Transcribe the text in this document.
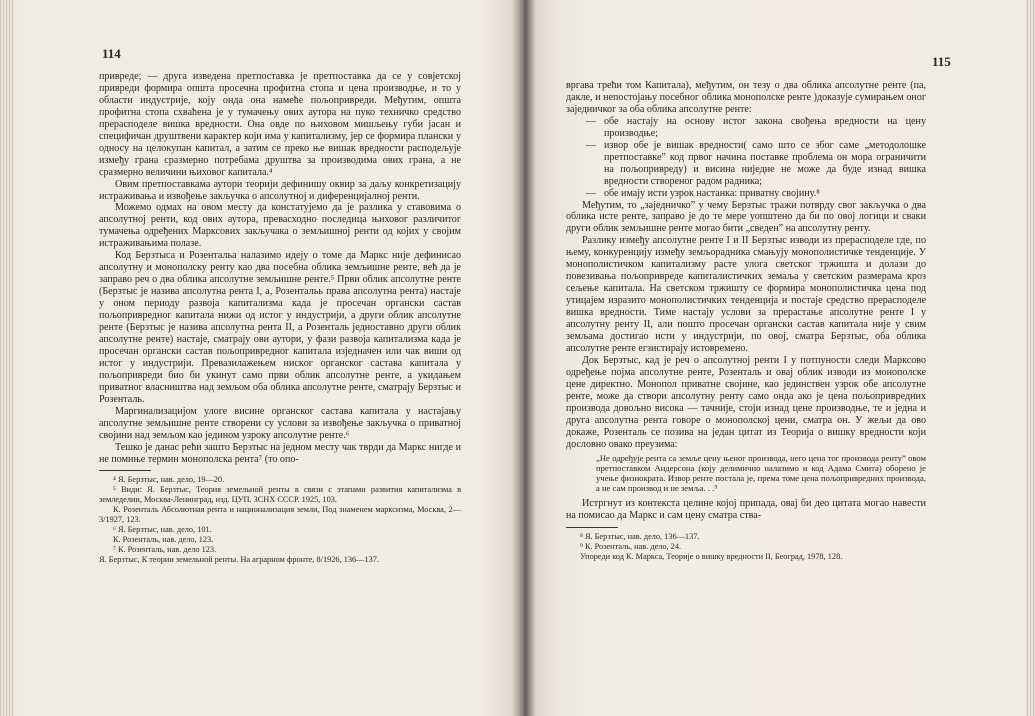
114

привреде; — друга изведена претпоставка је претпоставка да се у совјетској привреди формира општа просечна профитна стопа и цена производње, и то у области индустрије, коју онда она намеће пољопривреди. Међутим, општа профитна стопа схваћена је у тумачењу ових аутора на пуко техничко средство прерасподеле вишка вредности. Она овде по њиховом мишљењу губи јасан и специфичан друштвени карактер који има у капитализму, јер се формира плански у односу на целокупан капитал, а затим се преко ње вишак вредности расподељује између грана сразмерно потребама друштва за производима ових грана, а не сразмерно величини њиховог капитала.⁴

Овим претпоставкама аутори теорији дефинишу оквир за даљу конкретизацију истраживања и извођење закључка о апсолутној и диференцијалној ренти.

Можемо одмах на овом месту да констатујемо да је разлика у ставовима о апсолутној ренти, код ових аутора, превасходно последица њиховог различитог тумачења одређених Марксових закључака о земљишној ренти од којих у својим истраживањима полазе.

Код Берзтыса и Розентальа налазимо идеју о томе да Маркс није дефинисао апсолутну и монополску ренту као два посебна облика земљишне ренте, већ да је заправо реч о два облика апсолутне земљишне ренте.⁵ Први облик апсолутне ренте (Берзтыс је назива апсолутна рента I, а, Розентальь права апсолутна рента) настаје у оном периоду развоја капитализма када је просечан органски састав пољопривредног капитала нижи од истог у индустрији, а други облик апсолутне ренте (Берзтыс је назива апсолутна рента II, а Розенталь једноставно други облик апсолутне ренте) настаје, сматрају ови аутори, у фази развоја капитализма када је просечан органски састав пољопривредног капитала изједначен или чак виши од истог у индустрији. Превазилажењем нискoг органског састава капитала у пољопривреди био би укинут само први облик апсолутне ренте, а укидањем приватног власништва над земљом оба облика апсолутне ренте, сматрају Берзтыс и Розенталь.

Маргинализацијом улоге висине органског састава капитала у настајању апсолутне земљишне ренте створени су услови за извођење закључка о приватној својини над земљом као једином узроку апсолутне ренте.⁶

Тешко је данас рећи зашто Берзтыс на једном месту чак тврди да Маркс нигде и не помиње термин монополска рента⁷ (то опо-

⁴ Я. Берзтыс, нав. дело, 19—20.

⁵ Види: Я. Берзтыс, Теория земельной ренты в связи с этапами развития капитализма в земледелии, Москва-Ленинград, изд. ЦУП. ЗСНХ СССР. 1925, 103.

К. Розенталь Абсолютная рента и национализация земли, Под знаменем марксизма, Москва, 2—3/1927, 123.

⁶ Я. Берзтыс, нав. дело, 101.

К. Розенталь, нав. дело, 123.

⁷ К. Розенталь, нав. дело 123.

Я. Берзтыс, К теории земельной ренты. На аграрном фронте, 8/1926, 136—137.

115

вргава трећи том Капитала), међутим, он тезу о два облика апсолутне ренте (па, дакле, и непостојању посебног облика монополске ренте )доказује сумирањем оног заједничког за оба облика апсолутне ренте:

— обе настају на основу истог закона свођења вредности на цену производње;
— извор обе је вишак вредности( само што се због саме „методолошке претпоставке” код првог начина поставке проблема он мора ограничити на пољопривреду) и висина ниједне не може да буде изнад вишка вредности створеног радом радника;
— обе имају исти узрок настанка: приватну својину.⁸

Међутим, то „заједничко” у чему Берзтыс тражи потврду свог закључка о два облика исте ренте, заправо је до те мере уопштено да би по овој логици и сваки други облик земљишне ренте могао бити „сведен” на апсолутну ренту.

Разлику између апсолутне ренте I и II Берзтыс изводи из прерасподеле где, по њему, конкуренцију између земљорадника смањују монополистичке тенденције. У монополистичком капитализму расте улога светског тржишта и долази до повезивања пољопривреде капиталистичких земаља у светским размерама кроз сељење капитала. На светском тржишту се формира монополистичка цена под утицајем изразито монополистичких тенденција и постаје средство прерасподеле вишка вредности. Тиме настају услови за прерастање апсолутне ренте I у апсолутну ренту II, али пошто просечан органски састав капитала није у свим земљама достигао исти у индустрији, по овој, сматра Берзтыс, оба облика апсолутне ренте егзистирају истовремено.

Док Берзтыс, кад је реч о апсолутној ренти I у потпуности следи Марксово одређење појма апсолутне ренте, Розенталь и овај облик изводи из монополске цене директно. Монопол приватне својине, као јединствен узрок обе апсолутне ренте, може да створи апсолутну ренту само онда ако је цена пољопривредних производа довољно висока — тачније, стоји изнад цене производње, те и једна и друга апсолутна рента говоре о монополској цени, сматра он. У жељи да ово докаже, Розенталь се позива на један цитат из Теорија о вишку вредности који дословно овако преузима:

„Не одређује рента са земље цену њеног производа, него цена тог производа ренту” овом претпоставком Андерсона (коју делимично налазимо и код Адама Смита) оборено је учење физиократа. Извор ренте постала је, према томе цена пољопривредних производа, а не сам производ и не земља. . .⁹

Истргнут из контекста целине којој припада, овај би део цитата могао навести на помисао да Маркс и сам цену сматра ства-

⁸ Я. Берзтыс, нав. дело, 136—137.

⁹ К. Розенталь, нав. дело, 24.

Упореди код К. Маркса, Теорије о вишку вредности II, Београд, 1978, 128.
